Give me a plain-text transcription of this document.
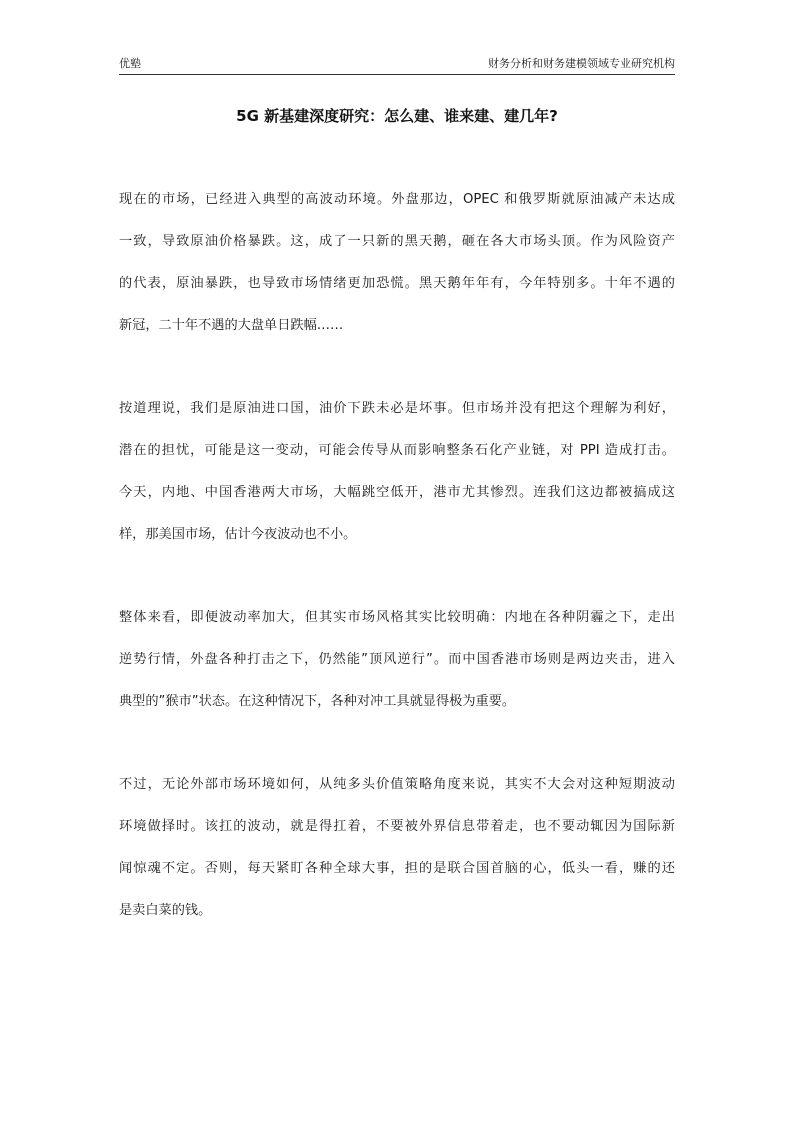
优塾	财务分析和财务建模领域专业研究机构
5G 新基建深度研究：怎么建、谁来建、建几年?
现在的市场，已经进入典型的高波动环境。外盘那边，OPEC 和俄罗斯就原油减产未达成
一致，导致原油价格暴跌。这，成了一只新的黑天鹅，砸在各大市场头顶。作为风险资产
的代表，原油暴跌，也导致市场情绪更加恐慌。黑天鹅年年有，今年特别多。十年不遇的
新冠，二十年不遇的大盘单日跌幅……
按道理说，我们是原油进口国，油价下跌未必是坏事。但市场并没有把这个理解为利好，
潜在的担忧，可能是这一变动，可能会传导从而影响整条石化产业链，对 PPI 造成打击。
今天，内地、中国香港两大市场，大幅跳空低开，港市尤其惨烈。连我们这边都被搞成这
样，那美国市场，估计今夜波动也不小。
整体来看，即便波动率加大，但其实市场风格其实比较明确：内地在各种阴霾之下，走出
逆势行情，外盘各种打击之下，仍然能”顶风逆行”。而中国香港市场则是两边夹击，进入
典型的”猴市”状态。在这种情况下，各种对冲工具就显得极为重要。
不过，无论外部市场环境如何，从纯多头价值策略角度来说，其实不大会对这种短期波动
环境做择时。该扛的波动，就是得扛着，不要被外界信息带着走，也不要动辄因为国际新
闻惊魂不定。否则，每天紧盯各种全球大事，担的是联合国首脑的心，低头一看，赚的还
是卖白菜的钱。
